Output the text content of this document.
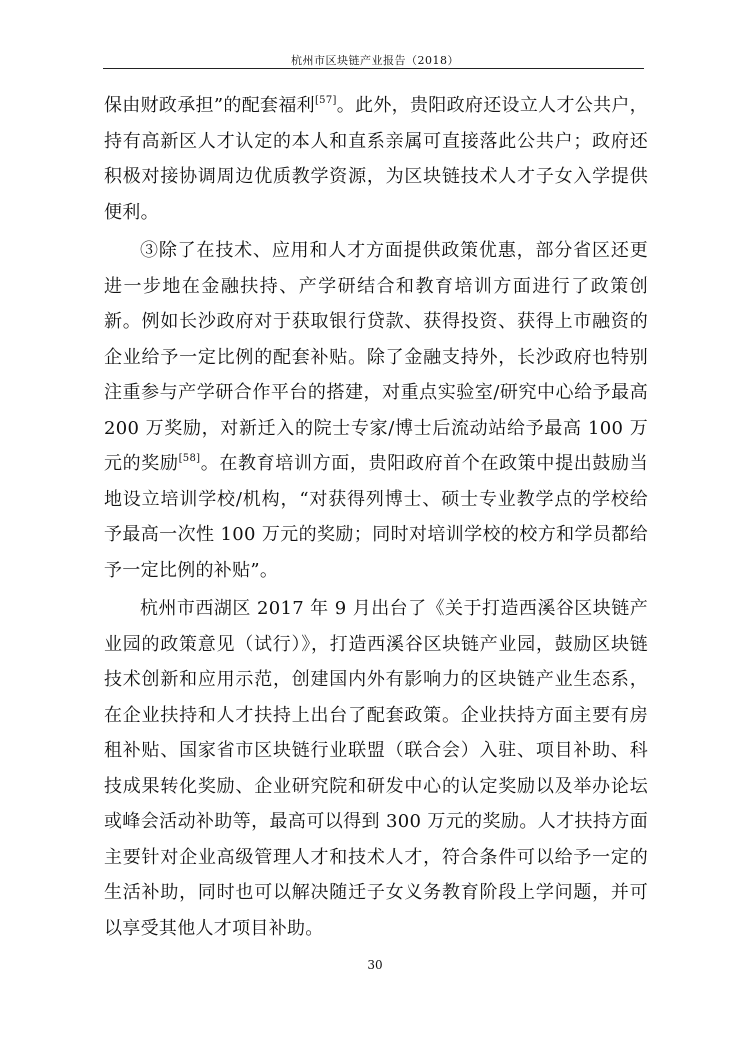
杭州市区块链产业报告（2018）

保由财政承担”的配套福利[57]。此外，贵阳政府还设立人才公共户，持有高新区人才认定的本人和直系亲属可直接落此公共户；政府还积极对接协调周边优质教学资源，为区块链技术人才子女入学提供便利。

③除了在技术、应用和人才方面提供政策优惠，部分省区还更进一步地在金融扶持、产学研结合和教育培训方面进行了政策创新。例如长沙政府对于获取银行贷款、获得投资、获得上市融资的企业给予一定比例的配套补贴。除了金融支持外，长沙政府也特别注重参与产学研合作平台的搭建，对重点实验室/研究中心给予最高 200 万奖励，对新迁入的院士专家/博士后流动站给予最高 100 万元的奖励[58]。在教育培训方面，贵阳政府首个在政策中提出鼓励当地设立培训学校/机构，“对获得列博士、硕士专业教学点的学校给予最高一次性 100 万元的奖励；同时对培训学校的校方和学员都给予一定比例的补贴”。

杭州市西湖区 2017 年 9 月出台了《关于打造西溪谷区块链产业园的政策意见（试行）》，打造西溪谷区块链产业园，鼓励区块链技术创新和应用示范，创建国内外有影响力的区块链产业生态系，在企业扶持和人才扶持上出台了配套政策。企业扶持方面主要有房租补贴、国家省市区块链行业联盟（联合会）入驻、项目补助、科技成果转化奖励、企业研究院和研发中心的认定奖励以及举办论坛或峰会活动补助等，最高可以得到 300 万元的奖励。人才扶持方面主要针对企业高级管理人才和技术人才，符合条件可以给予一定的生活补助，同时也可以解决随迁子女义务教育阶段上学问题，并可以享受其他人才项目补助。

30
